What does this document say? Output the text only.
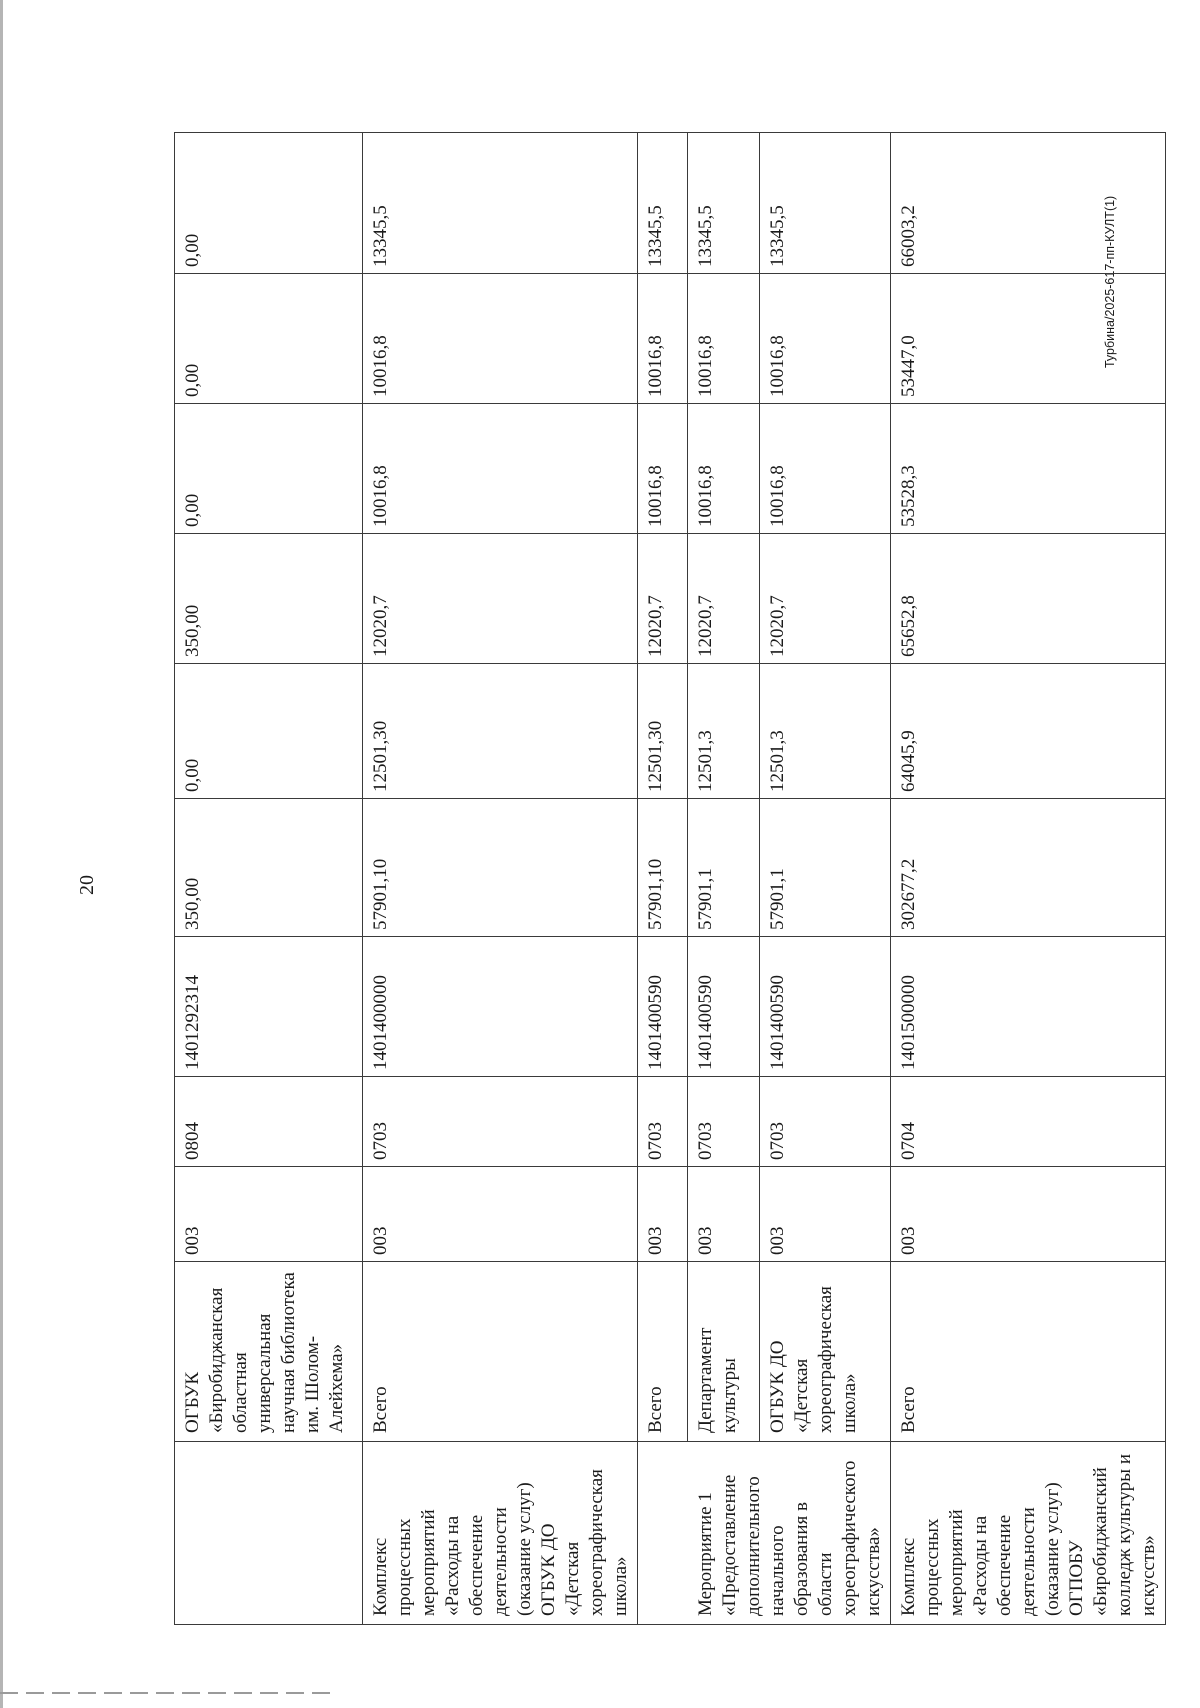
20
Турбина/2025-617-пп-КУЛТ(1)
	ОГБУК «Биробиджанская областная универсальная научная библиотека им. Шолом-Алейхема»	003	0804	1401292314	350,00	0,00	350,00	0,00	0,00	0,00
Комплекс процессных мероприятий «Расходы на обеспечение деятельности (оказание услуг) ОГБУК ДО «Детская хореографическая школа»	Всего	003	0703	1401400000	57901,10	12501,30	12020,7	10016,8	10016,8	13345,5
Мероприятие 1 «Предоставление дополнительного начального образования в области хореографического искусства»	Всего	003	0703	1401400590	57901,10	12501,30	12020,7	10016,8	10016,8	13345,5
	Департамент культуры	003	0703	1401400590	57901,1	12501,3	12020,7	10016,8	10016,8	13345,5
	ОГБУК ДО «Детская хореографическая школа»	003	0703	1401400590	57901,1	12501,3	12020,7	10016,8	10016,8	13345,5
Комплекс процессных мероприятий «Расходы на обеспечение деятельности (оказание услуг) ОГПОБУ «Биробиджанский колледж культуры и искусств»	Всего	003	0704	1401500000	302677,2	64045,9	65652,8	53528,3	53447,0	66003,2
